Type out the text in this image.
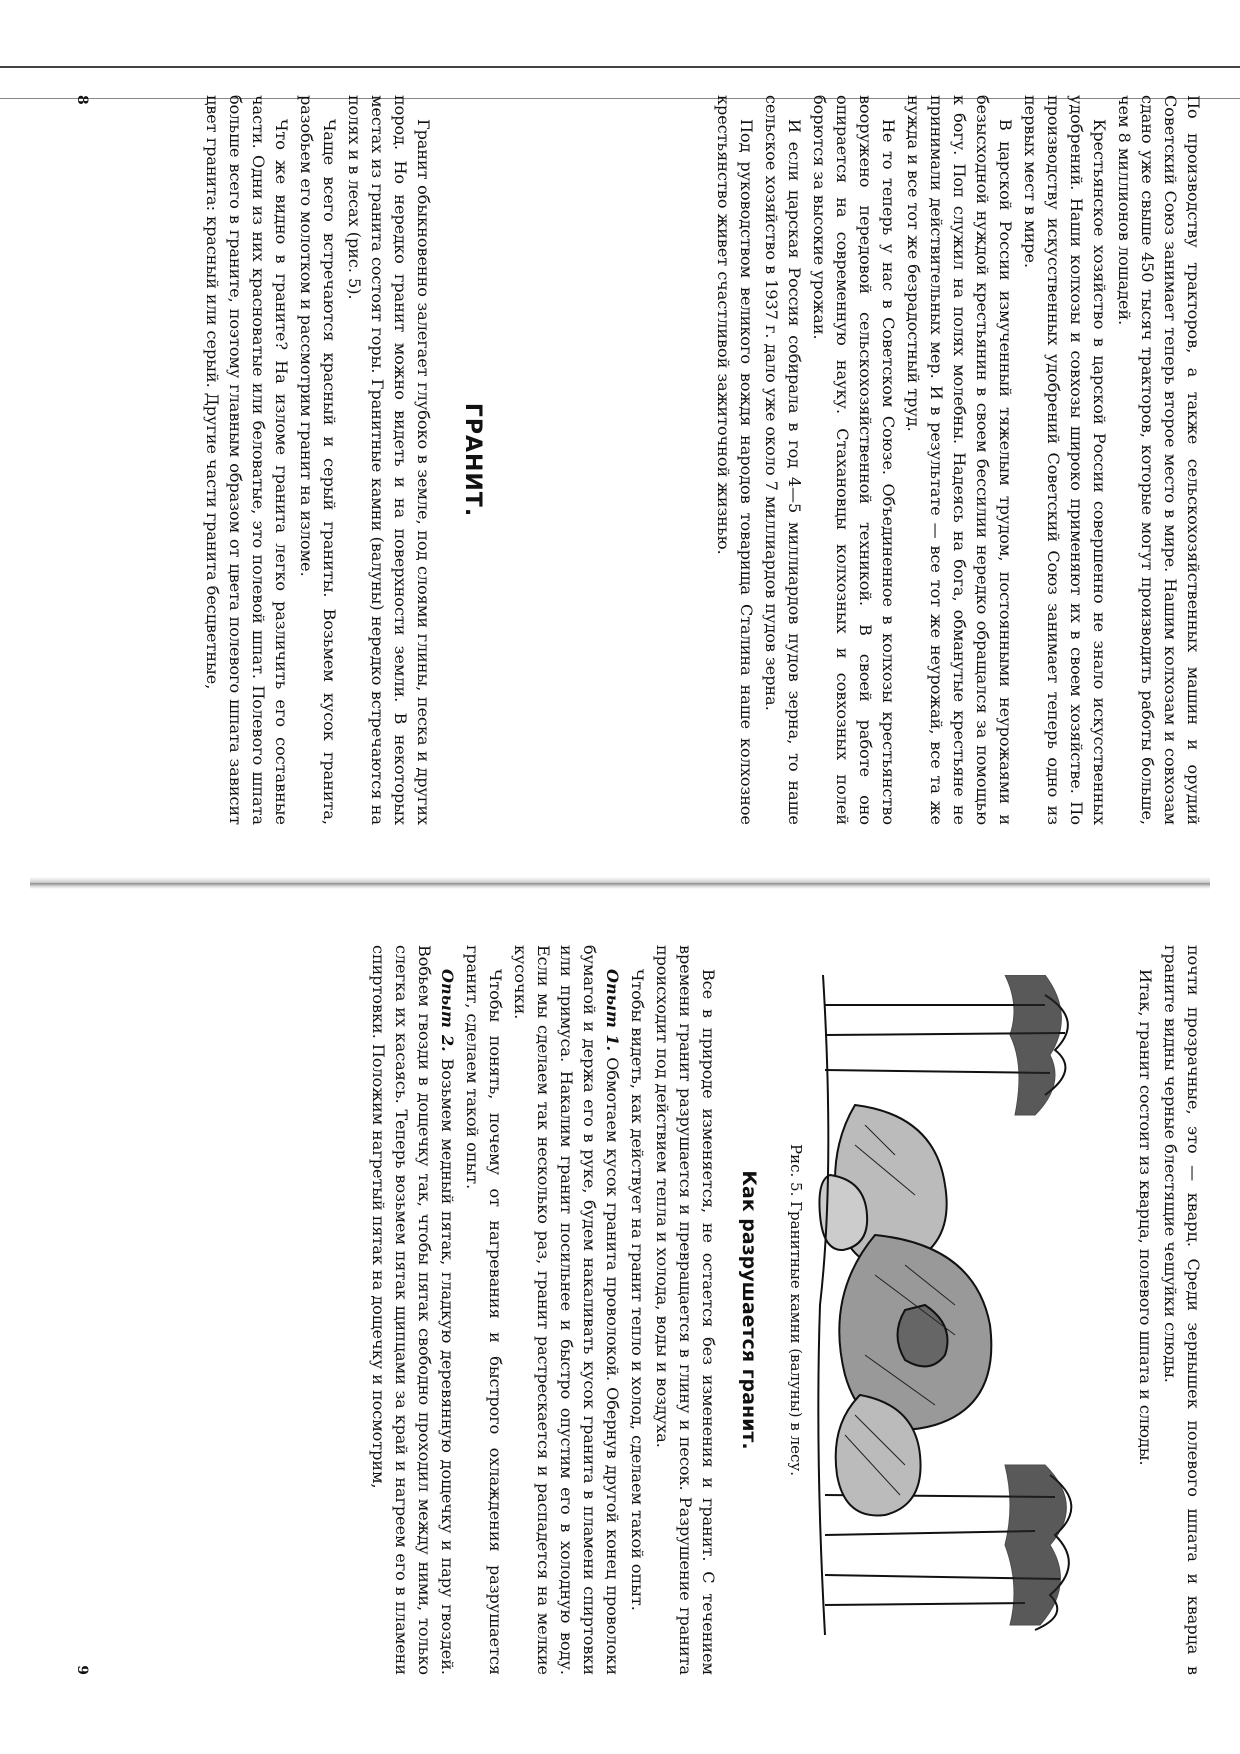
По производству тракторов, а также сельскохозяйственных машин и орудий Советский Союз занимает теперь второе место в мире. Нашим колхозам и совхозам сдано уже свыше 450 тысяч тракторов, которые могут производить работы больше, чем 8 миллионов лошадей.

Крестьянское хозяйство в царской России совершенно не знало искусственных удобрений. Наши колхозы и совхозы широко применяют их в своем хозяйстве. По производству искусственных удобрений Советский Союз занимает теперь одно из первых мест в мире.

В царской России измученный тяжелым трудом, постоянными неурожаями и безысходной нуждой крестьянин в своем бессилии нередко обращался за помощью к богу. Поп служил на полях молебны. Надеясь на бога, обманутые крестьяне не принимали действительных мер. И в результате — все тот же неурожай, все та же нужда и все тот же безрадостный труд.

Не то теперь у нас в Советском Союзе. Объединенное в колхозы крестьянство вооружено передовой сельскохозяйственной техникой. В своей работе оно опирается на современную науку. Стахановцы колхозных и совхозных полей борются за высокие урожаи.

И если царская Россия собирала в год 4—5 миллиардов пудов зерна, то наше сельское хозяйство в 1937 г. дало уже около 7 миллиардов пудов зерна.

Под руководством великого вождя народов товарища Сталина наше колхозное крестьянство живет счастливой зажиточной жизнью.

ГРАНИТ.

Гранит обыкновенно залегает глубоко в земле, под слоями глины, песка и других пород. Но нередко гранит можно видеть и на поверхности земли. В некоторых местах из гранита состоят горы. Гранитные камни (валуны) нередко встречаются на полях и в лесах (рис. 5).

Чаще всего встречаются красный и серый граниты. Возьмем кусок гранита, разобьем его молотком и рассмотрим гранит на изломе.

Что же видно в граните? На изломе гранита легко различить его составные части. Одни из них красноватые или беловатые, это полевой шпат. Полевого шпата больше всего в граните, поэтому главным образом от цвета полевого шпата зависит цвет гранита: красный или серый. Другие части гранита бесцветные,

8

почти прозрачные, это — кварц. Среди зернышек полевого шпата и кварца в граните видны черные блестящие чешуйки слюды.

Итак, гранит состоит из кварца, полевого шпата и слюды.

Рис. 5. Гранитные камни (валуны) в лесу.
Как разрушается гранит.

Все в природе изменяется, не остается без изменения и гранит. С течением времени гранит разрушается и превращается в глину и песок. Разрушение гранита происходит под действием тепла и холода, воды и воздуха.

Чтобы видеть, как действует на гранит тепло и холод, сделаем такой опыт.

Опыт 1. Обмотаем кусок гранита проволокой. Обернув другой конец проволоки бумагой и держа его в руке, будем накаливать кусок гранита в пламени спиртовки или примуса. Накалим гранит посильнее и быстро опустим его в холодную воду. Если мы сделаем так несколько раз, гранит растрескается и распадется на мелкие кусочки.

Чтобы понять, почему от нагревания и быстрого охлаждения разрушается гранит, сделаем такой опыт.

Опыт 2. Возьмем медный пятак, гладкую деревянную дощечку и пару гвоздей. Вобьем гвозди в дощечку так, чтобы пятак свободно проходил между ними, только слегка их касаясь. Теперь возьмем пятак щипцами за край и нагреем его в пламени спиртовки. Положим нагретый пятак на дощечку и посмотрим,

9
